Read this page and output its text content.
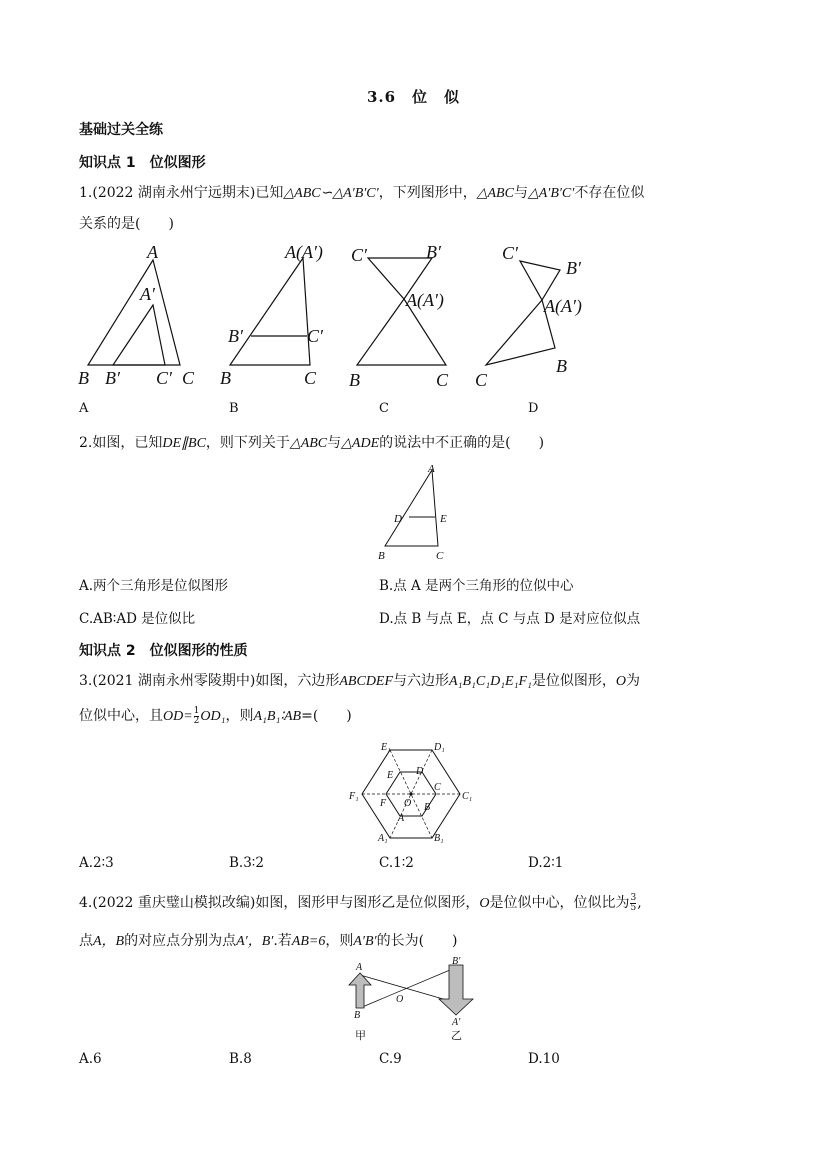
3.6　位　似
基础过关全练
知识点 1　位似图形
1.(2022 湖南永州宁远期末)已知△ABC∽△A′B′C′，下列图形中，△ABC与△A′B′C′不存在位似
关系的是(　　)
A
A′
B B′ C′ C
A(A′)
B′	C′
B	C
C′	B′
A(A′)
B	C
C′
B′
A(A′)
B
C
A	B	C	D
2.如图，已知DE∥BC，则下列关于△ABC与△ADE的说法中不正确的是(　　)
A
D	E
B	C
A.两个三角形是位似图形	B.点 A 是两个三角形的位似中心
C.AB∶AD 是位似比	D.点 B 与点 E，点 C 与点 D 是对应位似点
知识点 2　位似图形的性质
3.(2021 湖南永州零陵期中)如图，六边形ABCDEF与六边形A₁B₁C₁D₁E₁F₁是位似图形，O为
位似中心，且$OD= \frac{1}{2} OD_1$，则A₁B₁∶AB=(　　)
E₁	D₁
F₁	C₁
A₁	B₁
E D
F
C
A
B
O
A.2∶3	B.3∶2	C.1∶2	D.2∶1
4.(2022 重庆璧山模拟改编)如图，图形甲与图形乙是位似图形，O是位似中心，位似比为 $\frac{3}{5}$ ,
点A，B的对应点分别为点A′，B′.若AB=6，则A′B′的长为(　　)
A
B
O
B′
A′
甲	乙
A.6	B.8	C.9	D.10
